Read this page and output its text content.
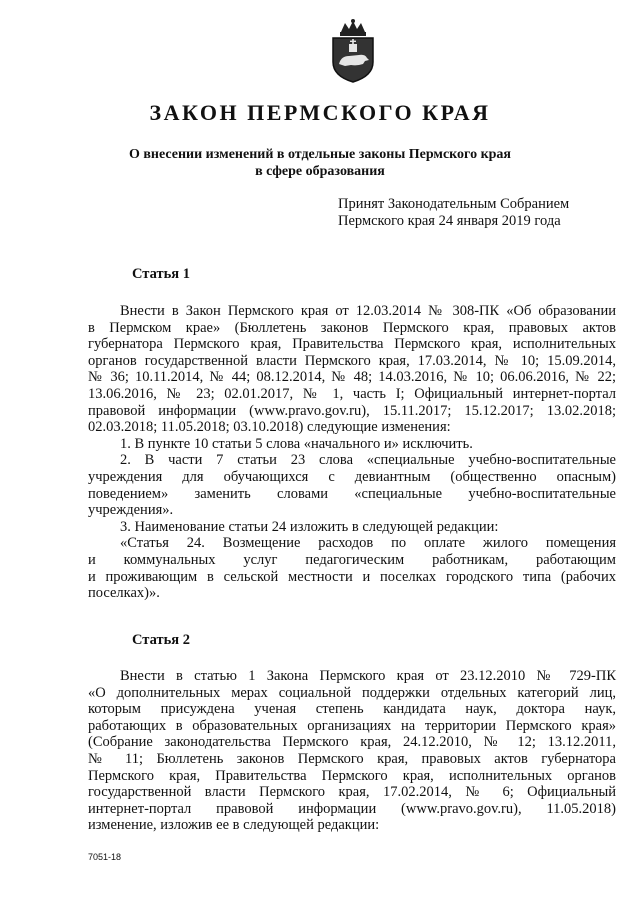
ЗАКОН ПЕРМСКОГО КРАЯ
О внесении изменений в отдельные законы Пермского края
в сфере образования
Принят Законодательным Собранием
Пермского края 24 января 2019 года
Статья 1
Внести в Закон Пермского края от 12.03.2014 № 308-ПК «Об образовании
в Пермском крае» (Бюллетень законов Пермского края, правовых актов
губернатора Пермского края, Правительства Пермского края, исполнительных
органов государственной власти Пермского края, 17.03.2014, № 10; 15.09.2014,
№ 36; 10.11.2014, № 44; 08.12.2014, № 48; 14.03.2016, № 10; 06.06.2016, № 22;
13.06.2016, № 23; 02.01.2017, № 1, часть I; Официальный интернет-портал
правовой информации (www.pravo.gov.ru), 15.11.2017; 15.12.2017; 13.02.2018;
02.03.2018; 11.05.2018; 03.10.2018) следующие изменения:
1. В пункте 10 статьи 5 слова «начального и» исключить.
2. В части 7 статьи 23 слова «специальные учебно-воспитательные
учреждения для обучающихся с девиантным (общественно опасным)
поведением» заменить словами «специальные учебно-воспитательные
учреждения».
3. Наименование статьи 24 изложить в следующей редакции:
«Статья 24. Возмещение расходов по оплате жилого помещения
и коммунальных услуг педагогическим работникам, работающим
и проживающим в сельской местности и поселках городского типа (рабочих
поселках)».
Статья 2
Внести в статью 1 Закона Пермского края от 23.12.2010 № 729-ПК
«О дополнительных мерах социальной поддержки отдельных категорий лиц,
которым присуждена ученая степень кандидата наук, доктора наук,
работающих в образовательных организациях на территории Пермского края»
(Собрание законодательства Пермского края, 24.12.2010, № 12; 13.12.2011,
№ 11; Бюллетень законов Пермского края, правовых актов губернатора
Пермского края, Правительства Пермского края, исполнительных органов
государственной власти Пермского края, 17.02.2014, № 6; Официальный
интернет-портал правовой информации (www.pravo.gov.ru), 11.05.2018)
изменение, изложив ее в следующей редакции:
7051-18
